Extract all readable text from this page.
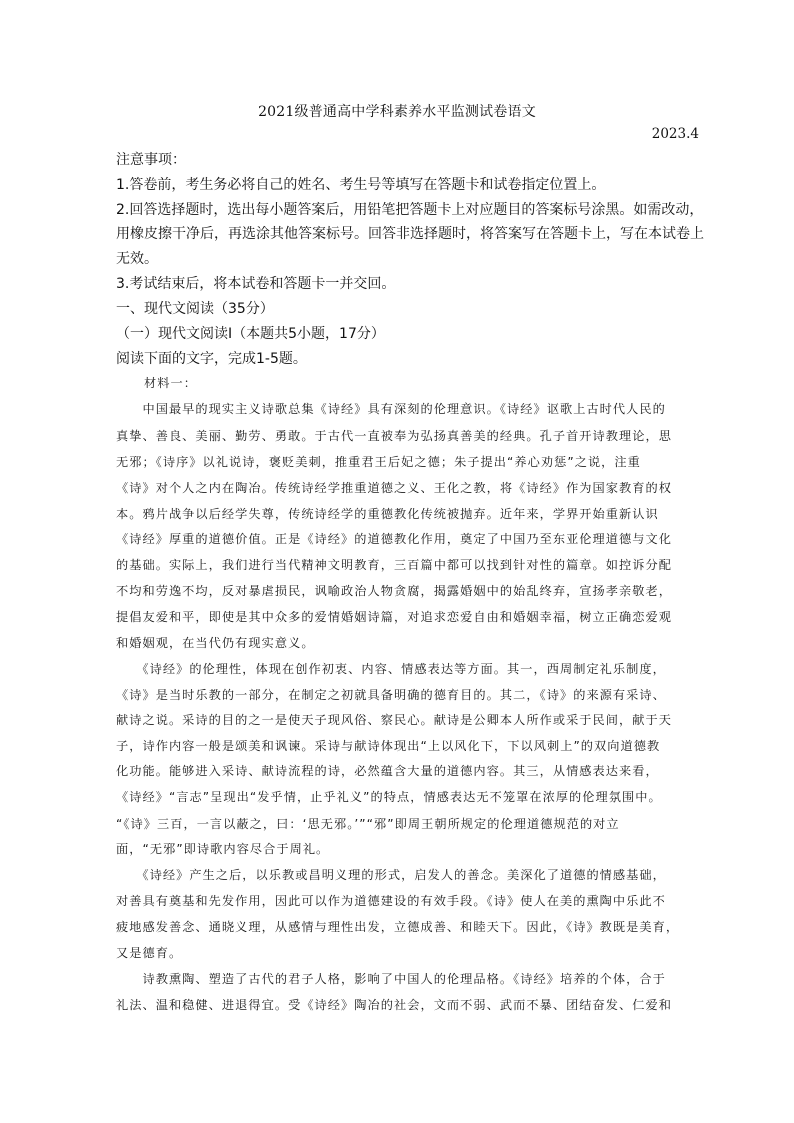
2021级普通高中学科素养水平监测试卷语文
2023.4
注意事项：
1.答卷前，考生务必将自己的姓名、考生号等填写在答题卡和试卷指定位置上。
2.回答选择题时，选出每小题答案后，用铅笔把答题卡上对应题目的答案标号涂黑。如需改动，
用橡皮擦干净后，再选涂其他答案标号。回答非选择题时，将答案写在答题卡上，写在本试卷上
无效。
3.考试结束后，将本试卷和答题卡一并交回。
一、现代文阅读（35分）
（一）现代文阅读Ⅰ（本题共5小题，17分）
阅读下面的文字，完成1-5题。
材料一：
　　中国最早的现实主义诗歌总集《诗经》具有深刻的伦理意识。《诗经》讴歌上古时代人民的
真挚、善良、美丽、勤劳、勇敢。于古代一直被奉为弘扬真善美的经典。孔子首开诗教理论，思
无邪；《诗序》以礼说诗，褒贬美刺，推重君王后妃之德；朱子提出“养心劝惩”之说，注重
《诗》对个人之内在陶冶。传统诗经学推重道德之义、王化之教，将《诗经》作为国家教育的权
本。鸦片战争以后经学失尊，传统诗经学的重德教化传统被抛弃。近年来，学界开始重新认识
《诗经》厚重的道德价值。正是《诗经》的道德教化作用，奠定了中国乃至东亚伦理道德与文化
的基础。实际上，我们进行当代精神文明教育，三百篇中都可以找到针对性的篇章。如控诉分配
不均和劳逸不均，反对暴虐损民，讽喻政治人物贪腐，揭露婚姻中的始乱终弃，宣扬孝亲敬老，
提倡友爱和平，即使是其中众多的爱情婚姻诗篇，对追求恋爱自由和婚姻幸福，树立正确恋爱观
和婚姻观，在当代仍有现实意义。
　　《诗经》的伦理性，体现在创作初衷、内容、情感表达等方面。其一，西周制定礼乐制度，
《诗》是当时乐教的一部分，在制定之初就具备明确的德育目的。其二，《诗》的来源有采诗、
献诗之说。采诗的目的之一是使天子现风俗、察民心。献诗是公卿本人所作或采于民间，献于天
子，诗作内容一般是颂美和讽谏。采诗与献诗体现出“上以风化下，下以风刺上”的双向道德教
化功能。能够进入采诗、献诗流程的诗，必然蕴含大量的道德内容。其三，从情感表达来看，
《诗经》“言志”呈现出“发乎情，止乎礼义”的特点，情感表达无不笼罩在浓厚的伦理氛围中。
“《诗》三百，一言以蔽之，曰：‘思无邪。’”“邪”即周王朝所规定的伦理道德规范的对立
面，“无邪”即诗歌内容尽合于周礼。
　　《诗经》产生之后，以乐教或昌明义理的形式，启发人的善念。美深化了道德的情感基础，
对善具有奠基和先发作用，因此可以作为道德建设的有效手段。《诗》使人在美的熏陶中乐此不
疲地感发善念、通晓义理，从感情与理性出发，立德成善、和睦天下。因此，《诗》教既是美育，
又是德育。
　　诗教熏陶、塑造了古代的君子人格，影响了中国人的伦理品格。《诗经》培养的个体，合于
礼法、温和稳健、进退得宜。受《诗经》陶冶的社会，文而不弱、武而不暴、团结奋发、仁爱和
